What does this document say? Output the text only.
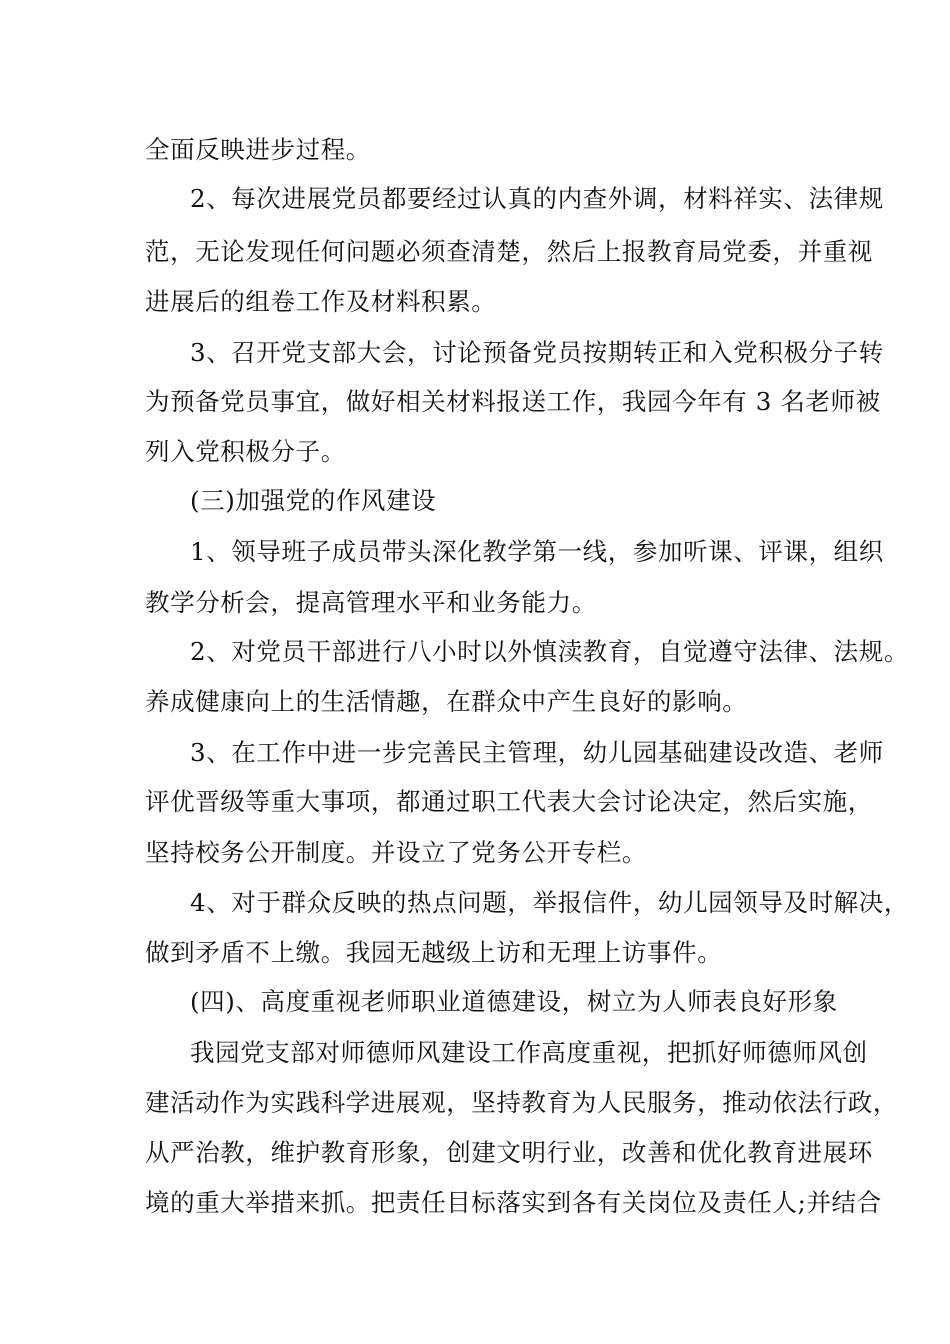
全面反映进步过程。
2、每次进展党员都要经过认真的内查外调，材料祥实、法律规
范，无论发现任何问题必须查清楚，然后上报教育局党委，并重视
进展后的组卷工作及材料积累。
3、召开党支部大会，讨论预备党员按期转正和入党积极分子转
为预备党员事宜，做好相关材料报送工作，我园今年有 3 名老师被
列入党积极分子。
(三)加强党的作风建设
1、领导班子成员带头深化教学第一线，参加听课、评课，组织
教学分析会，提高管理水平和业务能力。
2、对党员干部进行八小时以外慎渎教育，自觉遵守法律、法规。
养成健康向上的生活情趣，在群众中产生良好的影响。
3、在工作中进一步完善民主管理，幼儿园基础建设改造、老师
评优晋级等重大事项，都通过职工代表大会讨论决定，然后实施，
坚持校务公开制度。并设立了党务公开专栏。
4、对于群众反映的热点问题，举报信件，幼儿园领导及时解决，
做到矛盾不上缴。我园无越级上访和无理上访事件。
(四)、高度重视老师职业道德建设，树立为人师表良好形象
我园党支部对师德师风建设工作高度重视，把抓好师德师风创
建活动作为实践科学进展观，坚持教育为人民服务，推动依法行政，
从严治教，维护教育形象，创建文明行业，改善和优化教育进展环
境的重大举措来抓。把责任目标落实到各有关岗位及责任人;并结合
